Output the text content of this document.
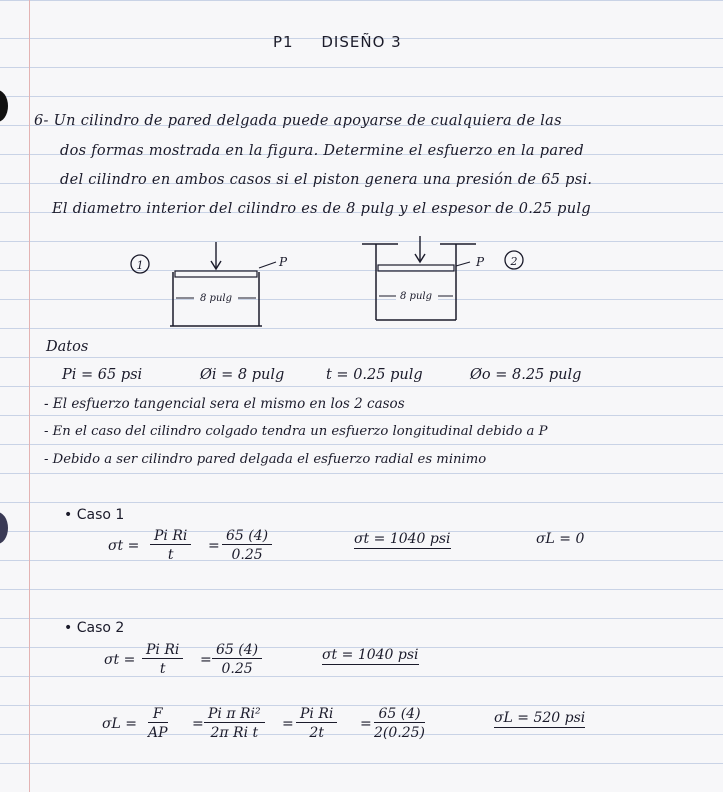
P1 DISEÑO 3
6- Un cilindro de pared delgada puede apoyarse de cualquiera de las
dos formas mostrada en la figura. Determine el esfuerzo en la pared
del cilindro en ambos casos si el piston genera una presión de 65 psi.
El diametro interior del cilindro es de 8 pulg y el espesor de 0.25 pulg
1	P
8 pulg
P 2
8 pulg
Datos
Pi = 65 psi	Øi = 8 pulg	t = 0.25 pulg	Øo = 8.25 pulg
- El esfuerzo tangencial sera el mismo en los 2 casos
- En el caso del cilindro colgado tendra un esfuerzo longitudinal debido a P
- Debido a ser cilindro pared delgada el esfuerzo radial es minimo
• Caso 1
$\sigma t = \frac{\text{Pi Ri}}{t} = \frac{65 (4)}{0.25}$	σt = 1040 psi	σL = 0
• Caso 2
$\sigma t = \frac{\text{Pi Ri}}{t} = \frac{65 (4)}{0.25}$	σt = 1040 psi
$\sigma L = \frac{F}{AP} = \frac{\text{Pi π Ri²}}{\text{2π Ri t}} = \frac{\text{Pi Ri}}{2t} = \frac{65 (4)}{2(0.25)}$	σL = 520 psi
